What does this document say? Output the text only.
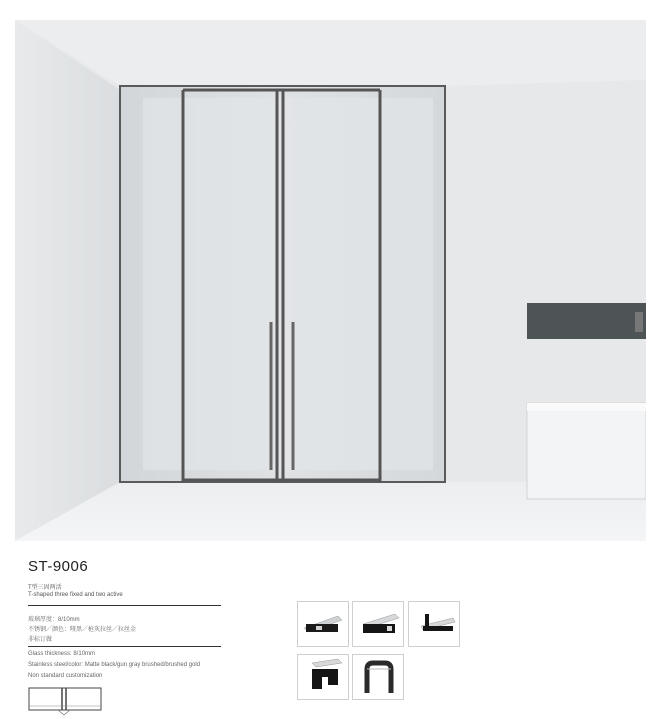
ST-9006
T型三固两活
T-shaped three fixed and two active
玻璃厚度：8/10mm
不锈钢／颜色：哑黑／枪灰拉丝／拉丝金
非标订做
Glass thickness: 8/10mm
Stainless steel/color: Matte black/gun gray brushed/brushed gold
Non standard customization
